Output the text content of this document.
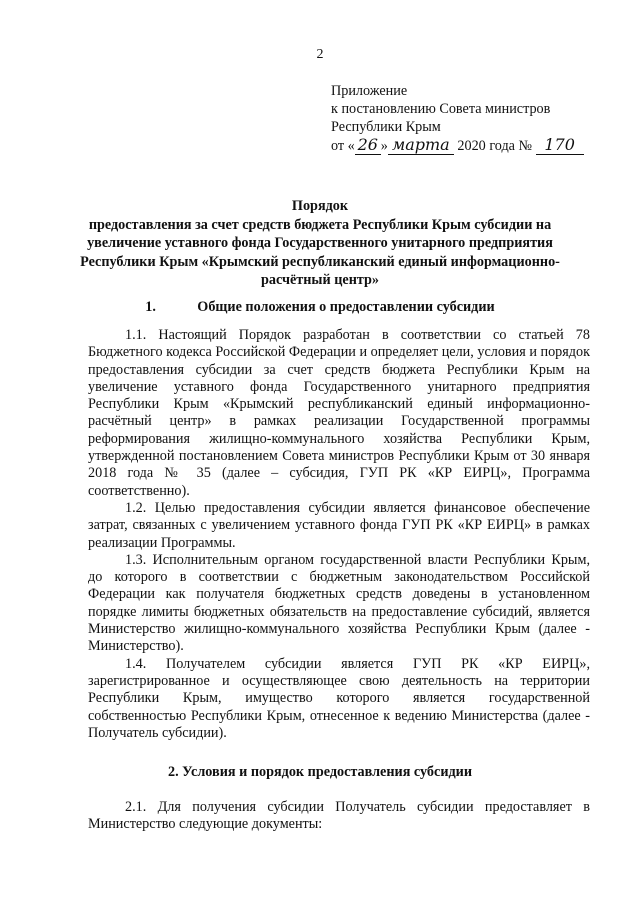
2
Приложение
к постановлению Совета министров
Республики Крым
от « 26 » марта 2020 года № 170
Порядок
предоставления за счет средств бюджета Республики Крым субсидии на увеличение уставного фонда Государственного унитарного предприятия Республики Крым «Крымский республиканский единый информационно-расчётный центр»
1.	Общие положения о предоставлении субсидии

1.1. Настоящий Порядок разработан в соответствии со статьей 78 Бюджетного кодекса Российской Федерации и определяет цели, условия и порядок предоставления субсидии за счет средств бюджета Республики Крым на увеличение уставного фонда Государственного унитарного предприятия Республики Крым «Крымский республиканский единый информационно-расчётный центр» в рамках реализации Государственной программы реформирования жилищно-коммунального хозяйства Республики Крым, утвержденной постановлением Совета министров Республики Крым от 30 января 2018 года № 35 (далее – субсидия, ГУП РК «КР ЕИРЦ», Программа соответственно).

1.2. Целью предоставления субсидии является финансовое обеспечение затрат, связанных с увеличением уставного фонда ГУП РК «КР ЕИРЦ» в рамках реализации Программы.

1.3. Исполнительным органом государственной власти Республики Крым, до которого в соответствии с бюджетным законодательством Российской Федерации как получателя бюджетных средств доведены в установленном порядке лимиты бюджетных обязательств на предоставление субсидий, является Министерство жилищно-коммунального хозяйства Республики Крым (далее - Министерство).

1.4. Получателем субсидии является ГУП РК «КР ЕИРЦ», зарегистрированное и осуществляющее свою деятельность на территории Республики Крым, имущество которого является государственной собственностью Республики Крым, отнесенное к ведению Министерства (далее - Получатель субсидии).

2. Условия и порядок предоставления субсидии

2.1. Для получения субсидии Получатель субсидии предоставляет в Министерство следующие документы:
